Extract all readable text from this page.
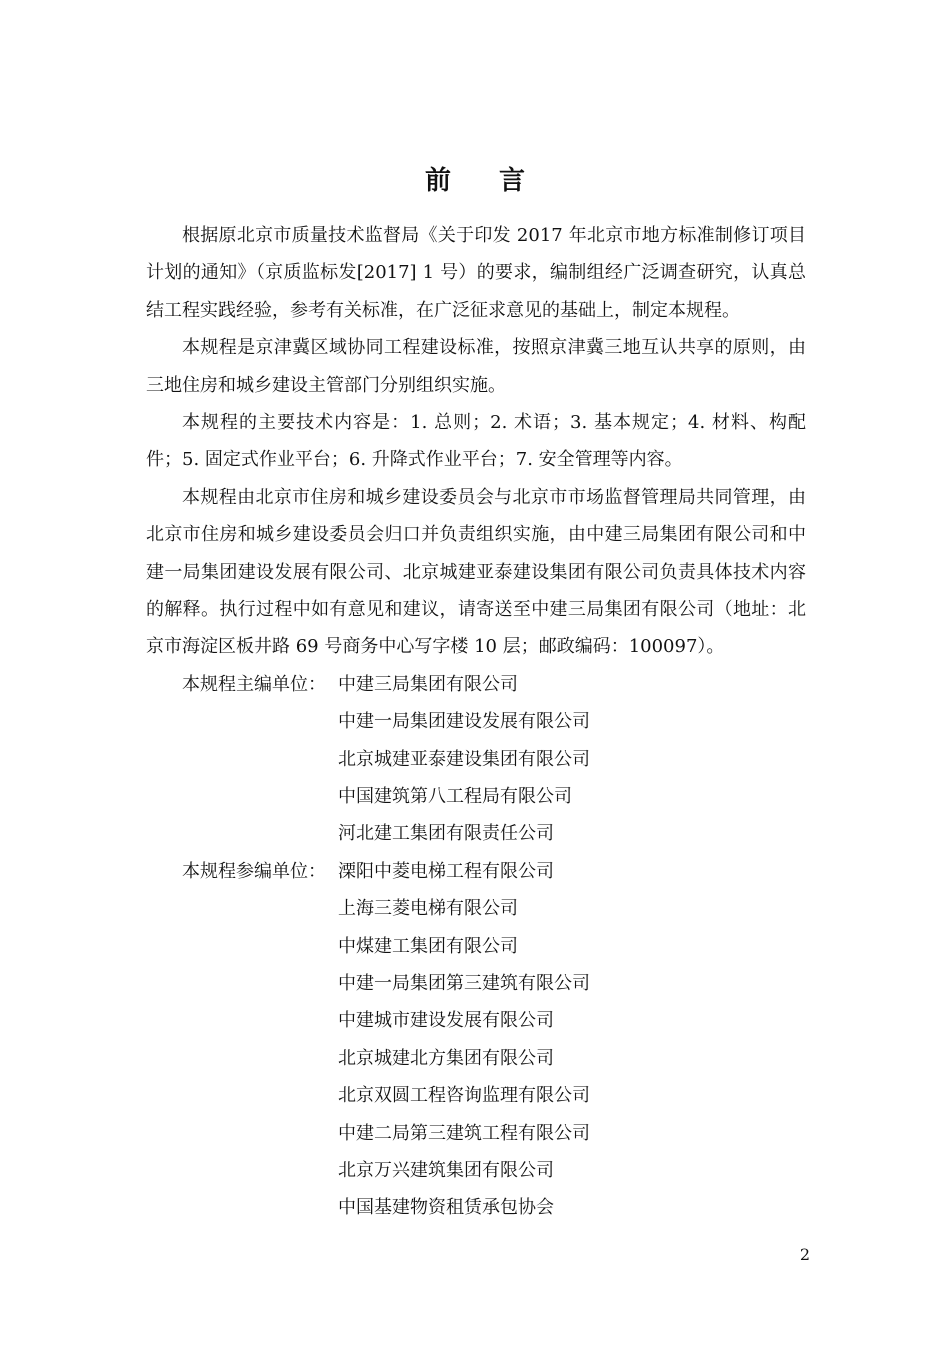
前言

根据原北京市质量技术监督局《关于印发 2017 年北京市地方标准制修订项目计划的通知》（京质监标发[2017] 1 号）的要求，编制组经广泛调查研究，认真总结工程实践经验，参考有关标准，在广泛征求意见的基础上，制定本规程。

本规程是京津冀区域协同工程建设标准，按照京津冀三地互认共享的原则，由三地住房和城乡建设主管部门分别组织实施。

本规程的主要技术内容是：1. 总则；2. 术语；3. 基本规定；4. 材料、构配件；5. 固定式作业平台；6. 升降式作业平台；7. 安全管理等内容。

本规程由北京市住房和城乡建设委员会与北京市市场监督管理局共同管理，由北京市住房和城乡建设委员会归口并负责组织实施，由中建三局集团有限公司和中建一局集团建设发展有限公司、北京城建亚泰建设集团有限公司负责具体技术内容的解释。执行过程中如有意见和建议，请寄送至中建三局集团有限公司（地址：北京市海淀区板井路 69 号商务中心写字楼 10 层；邮政编码：100097）。

本规程主编单位： 中建三局集团有限公司
中建一局集团建设发展有限公司
北京城建亚泰建设集团有限公司
中国建筑第八工程局有限公司
河北建工集团有限责任公司
本规程参编单位： 溧阳中菱电梯工程有限公司
上海三菱电梯有限公司
中煤建工集团有限公司
中建一局集团第三建筑有限公司
中建城市建设发展有限公司
北京城建北方集团有限公司
北京双圆工程咨询监理有限公司
中建二局第三建筑工程有限公司
北京万兴建筑集团有限公司
中国基建物资租赁承包协会
2
